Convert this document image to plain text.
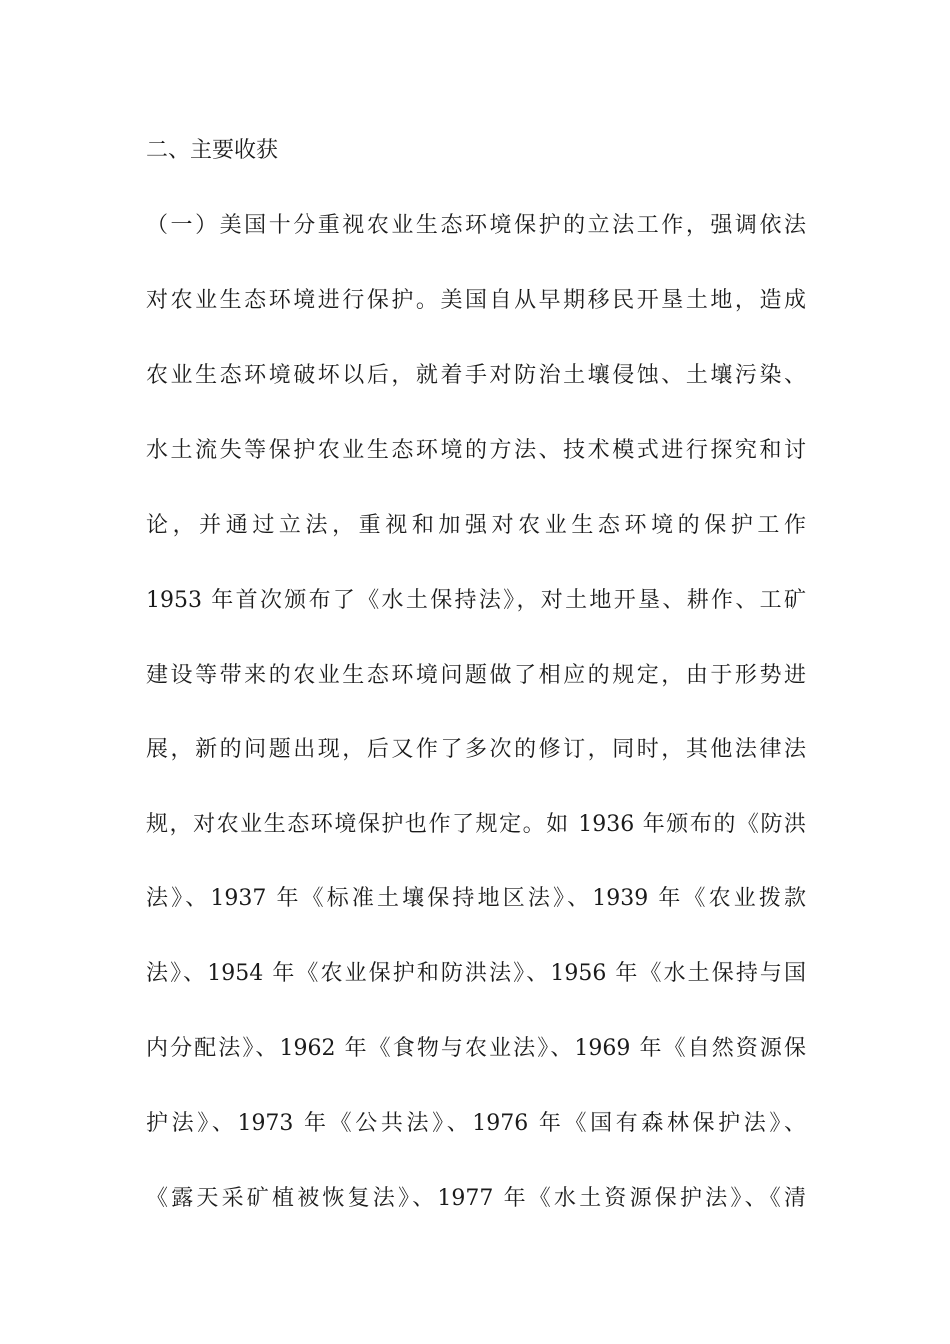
二、主要收获
（一）美国十分重视农业生态环境保护的立法工作，强调依法
对农业生态环境进行保护。美国自从早期移民开垦土地，造成
农业生态环境破坏以后，就着手对防治土壤侵蚀、土壤污染、
水土流失等保护农业生态环境的方法、技术模式进行探究和讨
论，并通过立法，重视和加强对农业生态环境的保护工作
1953 年首次颁布了《水土保持法》，对土地开垦、耕作、工矿
建设等带来的农业生态环境问题做了相应的规定，由于形势进
展，新的问题出现，后又作了多次的修订，同时，其他法律法
规，对农业生态环境保护也作了规定。如 1936 年颁布的《防洪
法》、1937 年《标准土壤保持地区法》、1939 年《农业拨款
法》、1954 年《农业保护和防洪法》、1956 年《水土保持与国
内分配法》、1962 年《食物与农业法》、1969 年《自然资源保
护法》、1973 年《公共法》、1976 年《国有森林保护法》、
《露天采矿植被恢复法》、1977 年《水土资源保护法》、《清
